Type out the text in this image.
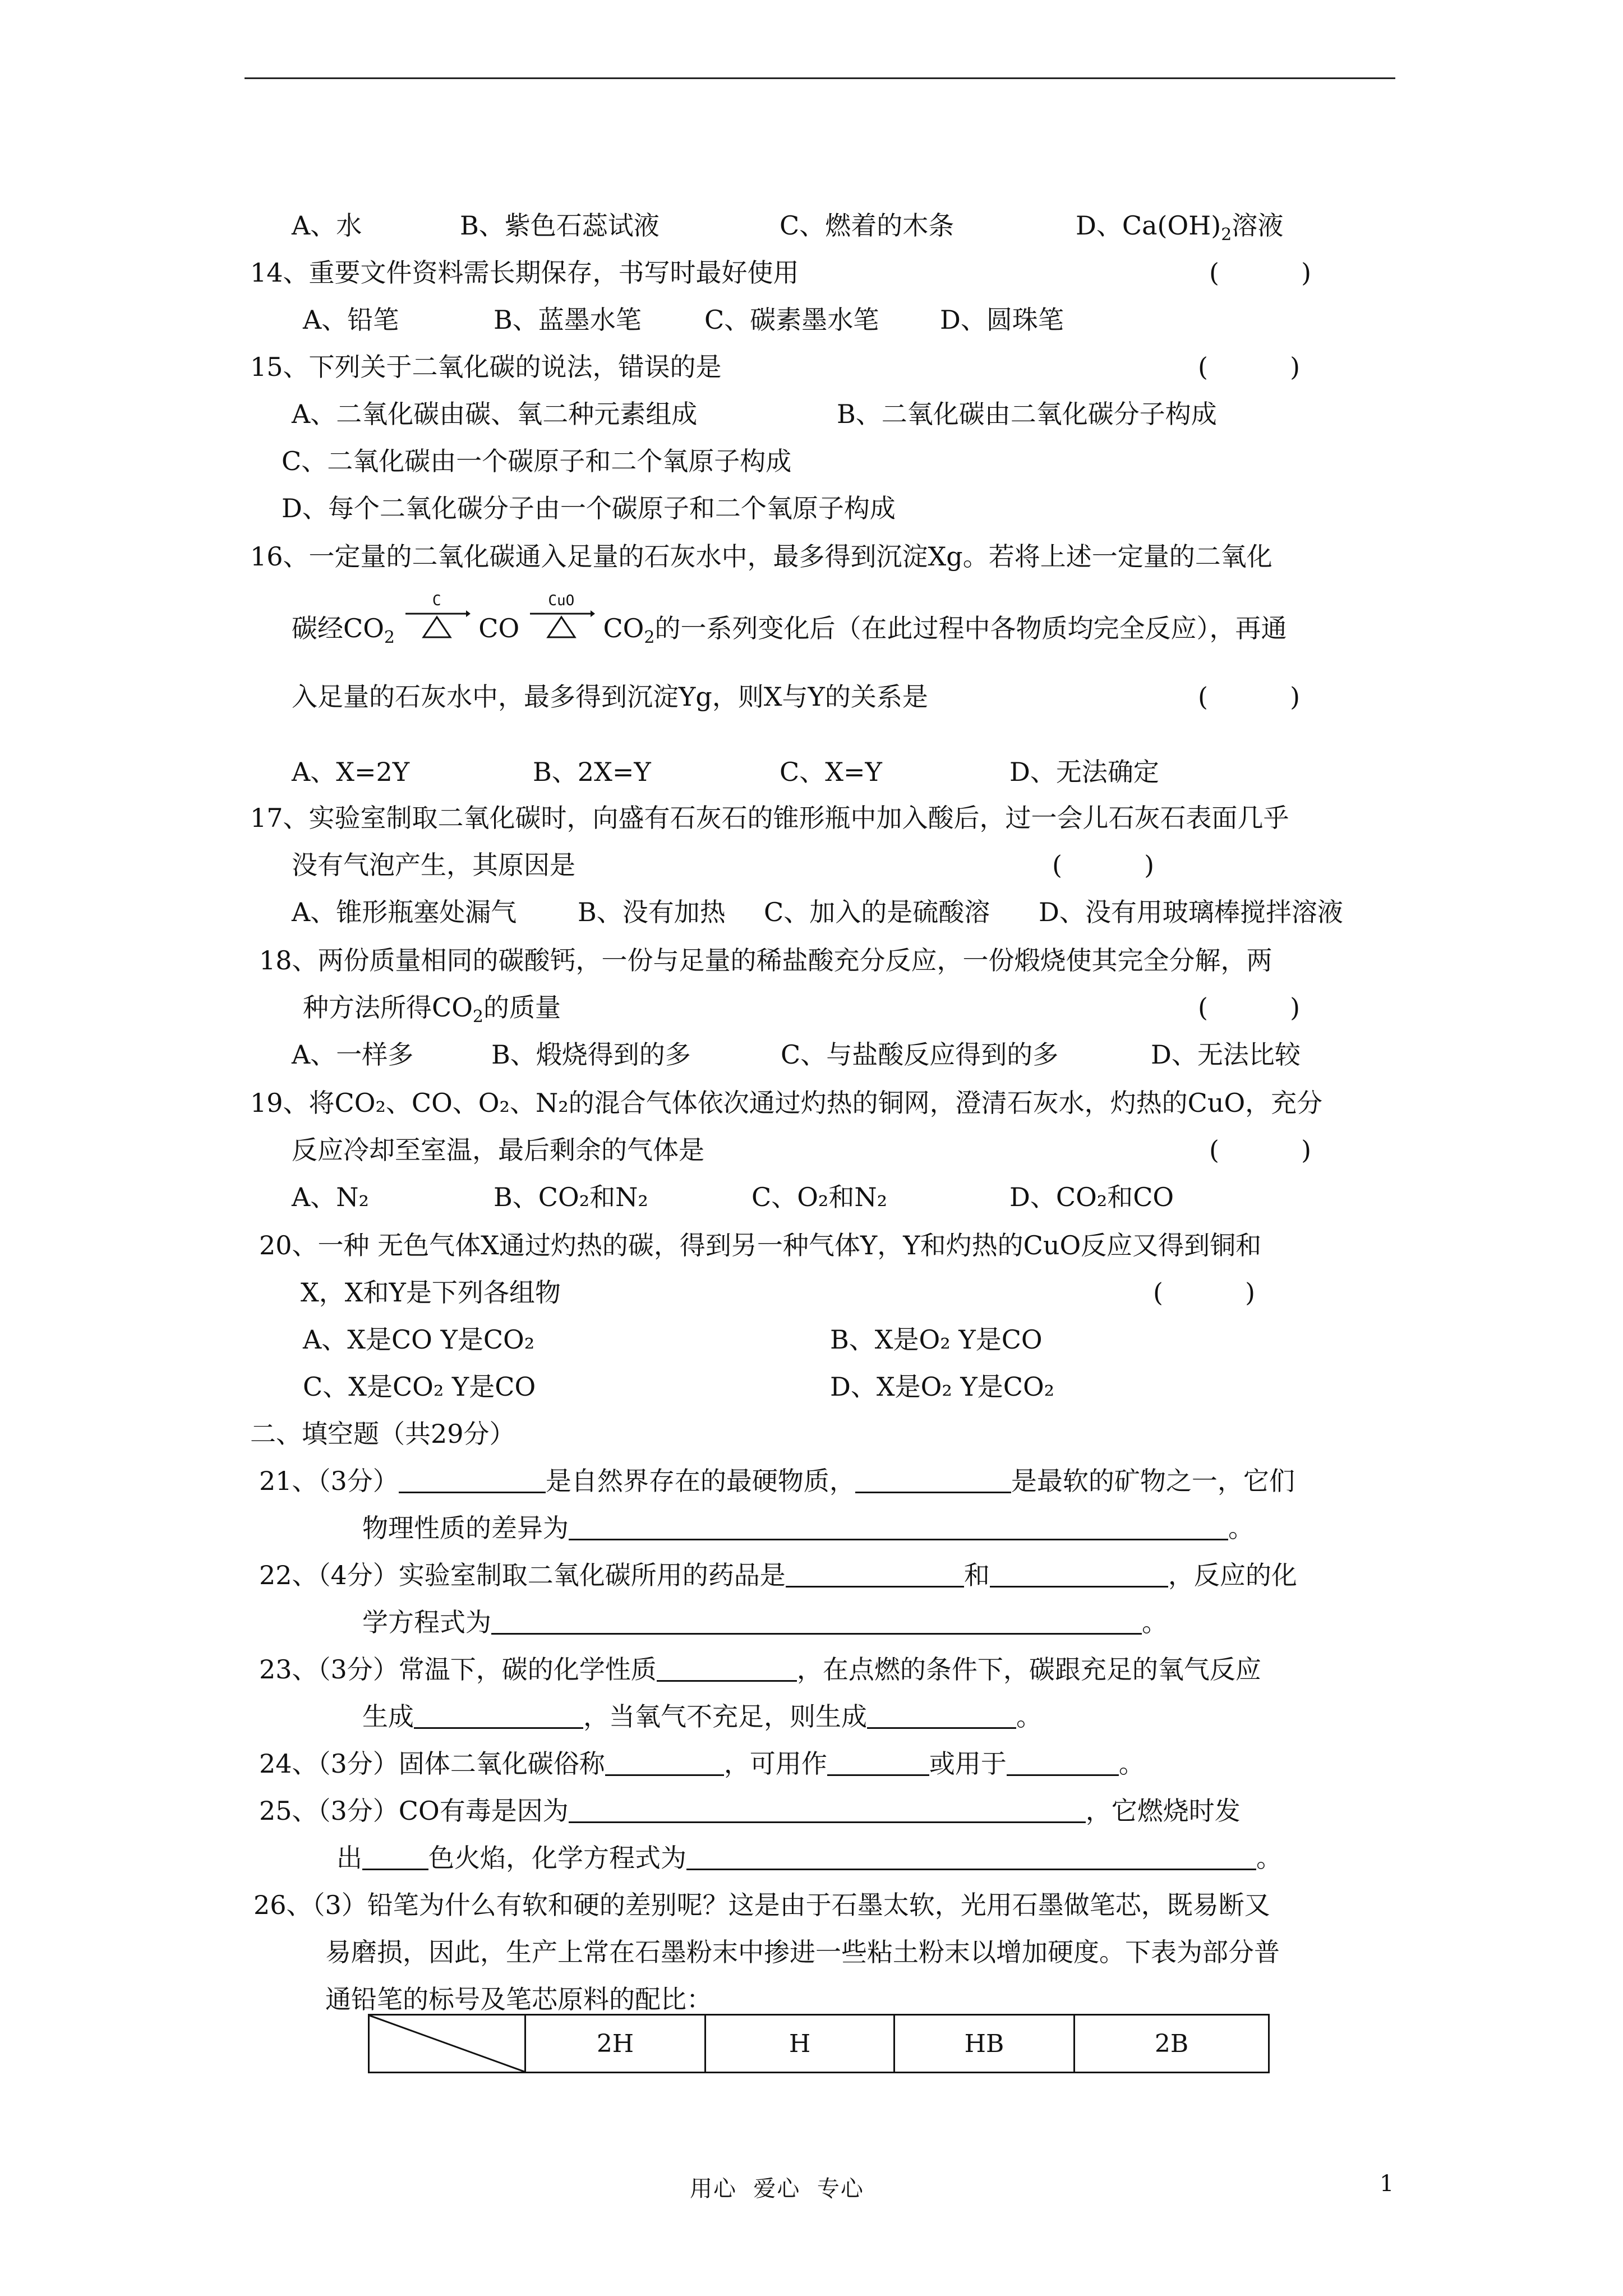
A、水	B、紫色石蕊试液	C、燃着的木条	D、$Ca(OH)_2$溶液
14、重要文件资料需长期保存，书写时最好使用	(          )
A、铅笔	B、蓝墨水笔 C、碳素墨水笔 D、圆珠笔
15、下列关于二氧化碳的说法，错误的是	(          )
A、二氧化碳由碳、氧二种元素组成	B、二氧化碳由二氧化碳分子构成
C、二氧化碳由一个碳原子和二个氧原子构成
D、每个二氧化碳分子由一个碳原子和二个氧原子构成
16、一定量的二氧化碳通入足量的石灰水中，最多得到沉淀Xg。若将上述一定量的二氧化
碳经$CO_2$
C
CO
CuO
$CO_2$的一系列变化后（在此过程中各物质均完全反应），再通
入足量的石灰水中，最多得到沉淀Yg，则X与Y的关系是	(          )
A、X=2Y	B、2X=Y	C、X=Y	D、无法确定
17、实验室制取二氧化碳时，向盛有石灰石的锥形瓶中加入酸后，过一会儿石灰石表面几乎
没有气泡产生，其原因是	(          )
A、锥形瓶塞处漏气 B、没有加热 C、加入的是硫酸溶 D、没有用玻璃棒搅拌溶液
18、两份质量相同的碳酸钙，一份与足量的稀盐酸充分反应，一份煅烧使其完全分解，两
种方法所得$CO_2$的质量	(          )
A、一样多	B、煅烧得到的多	C、与盐酸反应得到的多	D、无法比较
19、将CO₂、CO、O₂、N₂的混合气体依次通过灼热的铜网，澄清石灰水，灼热的CuO，充分
反应冷却至室温，最后剩余的气体是	(          )
A、N₂	B、CO₂和N₂	C、O₂和N₂	D、CO₂和CO
20、一种 无色气体X通过灼热的碳，得到另一种气体Y，Y和灼热的CuO反应又得到铜和
X，X和Y是下列各组物	(          )
A、X是CO Y是CO₂	B、X是O₂ Y是CO
C、X是CO₂ Y是CO	D、X是O₂ Y是CO₂
二、填空题（共29分）
21、（3分）	是自然界存在的最硬物质，	是最软的矿物之一，它们
物理性质的差异为	。
22、（4分）实验室制取二氧化碳所用的药品是	和	，反应的化
学方程式为	。
23、（3分）常温下，碳的化学性质	，在点燃的条件下，碳跟充足的氧气反应
生成	，当氧气不充足，则生成	。
24、（3分）固体二氧化碳俗称	，可用作	或用于	。
25、（3分）CO有毒是因为	，它燃烧时发
出	色火焰，化学方程式为	。
26、（3）铅笔为什么有软和硬的差别呢？这是由于石墨太软，光用石墨做笔芯，既易断又
易磨损，因此，生产上常在石墨粉末中掺进一些粘土粉末以增加硬度。下表为部分普
通铅笔的标号及笔芯原料的配比：
	2H	H	HB	2B
用心  爱心  专心	1
